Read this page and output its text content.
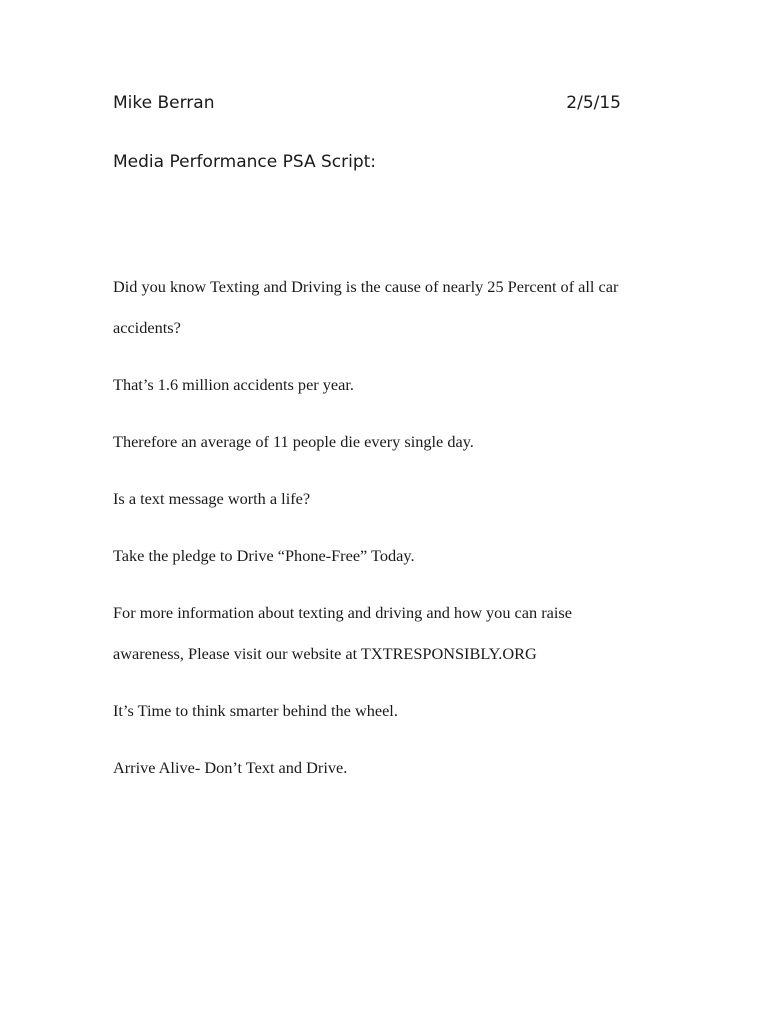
Mike Berran	2/5/15
Media Performance PSA Script:

Did you know Texting and Driving is the cause of nearly 25 Percent of all car accidents?

That’s 1.6 million accidents per year.

Therefore an average of 11 people die every single day.

Is a text message worth a life?

Take the pledge to Drive “Phone-Free” Today.

For more information about texting and driving and how you can raise awareness, Please visit our website at TXTRESPONSIBLY.ORG

It’s Time to think smarter behind the wheel.

Arrive Alive- Don’t Text and Drive.
